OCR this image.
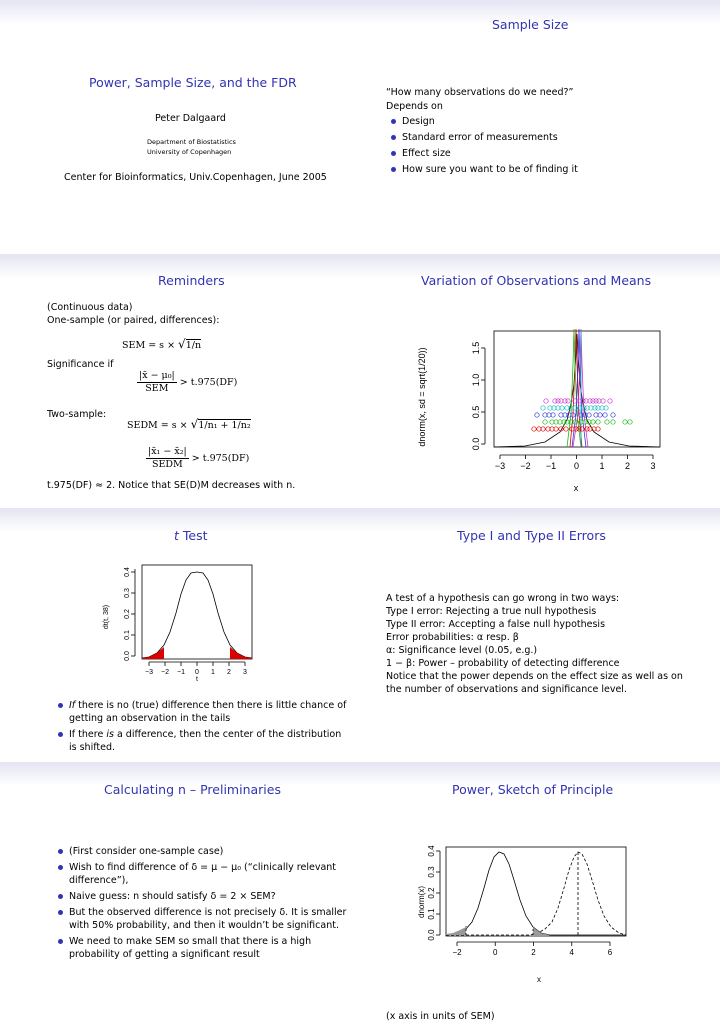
Power, Sample Size, and the FDR
Peter Dalgaard
Department of Biostatistics
University of Copenhagen
Center for Bioinformatics, Univ.Copenhagen, June 2005
Sample Size
“How many observations do we need?”
Depends on
Design
Standard error of measurements
Effect size
How sure you want to be of finding it
Reminders
(Continuous data)
One-sample (or paired, differences):
SEM = s × √1/n
Significance if
$\frac{\text{|x̄ − μ₀|}}{\text{SEM}} > t.975(DF)$
Two-sample:
SEDM = s × √1/n₁ + 1/n₂
$\frac{\text{|x̄₁ − x̄₂|}}{\text{SEDM}} > t.975(DF)$
t.975(DF) ≈ 2. Notice that SE(D)M decreases with n.
Variation of Observations and Means
0.0
0.5
1.0
1.5
−3 −2 −1 0 1 2 3
dnorm(x, sd = sqrt(1/20))
x
t Test
0.0
0.1
0.2
0.3
0.4
−3 −2 −1 0 1 2 3
dt(t, 38)
t
If there is no (true) difference then there is little chance of getting an observation in the tails
If there is a difference, then the center of the distribution is shifted.
Type I and Type II Errors
A test of a hypothesis can go wrong in two ways:
Type I error: Rejecting a true null hypothesis
Type II error: Accepting a false null hypothesis
Error probabilities: α resp. β
α: Significance level (0.05, e.g.)
1 − β: Power – probability of detecting difference
Notice that the power depends on the effect size as well as on
the number of observations and significance level.
Calculating n – Preliminaries
(First consider one-sample case)
Wish to find difference of δ = μ − μ₀ (“clinically relevant difference”),
Naive guess: n should satisfy δ = 2 × SEM?
But the observed difference is not precisely δ. It is smaller with 50% probability, and then it wouldn’t be significant.
We need to make SEM so small that there is a high probability of getting a significant result
Power, Sketch of Principle
0.0
0.1
0.2
0.3
0.4
−2	0	2	4	6
dnorm(x)
x
(x axis in units of SEM)
